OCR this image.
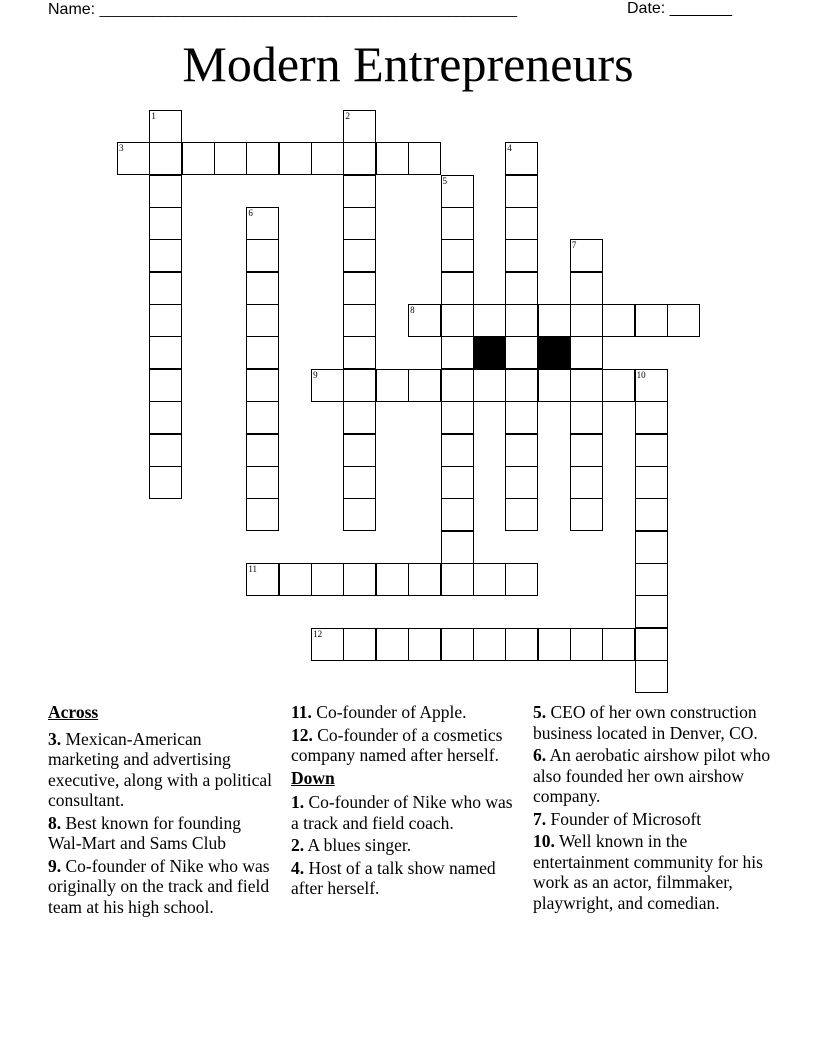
Name: _______________________________________________________	Date: _______
Modern Entrepreneurs
1	2
3	4
5
6
7
8
9	10
11
12
Across
3. Mexican-American marketing and advertising executive, along with a political consultant.
8. Best known for founding Wal-Mart and Sams Club
9. Co-founder of Nike who was originally on the track and field team at his high school.
11. Co-founder of Apple.
12. Co-founder of a cosmetics company named after herself.
Down
1. Co-founder of Nike who was a track and field coach.
2. A blues singer.
4. Host of a talk show named after herself.
5. CEO of her own construction business located in Denver, CO.
6. An aerobatic airshow pilot who also founded her own airshow company.
7. Founder of Microsoft
10. Well known in the entertainment community for his work as an actor, filmmaker, playwright, and comedian.
